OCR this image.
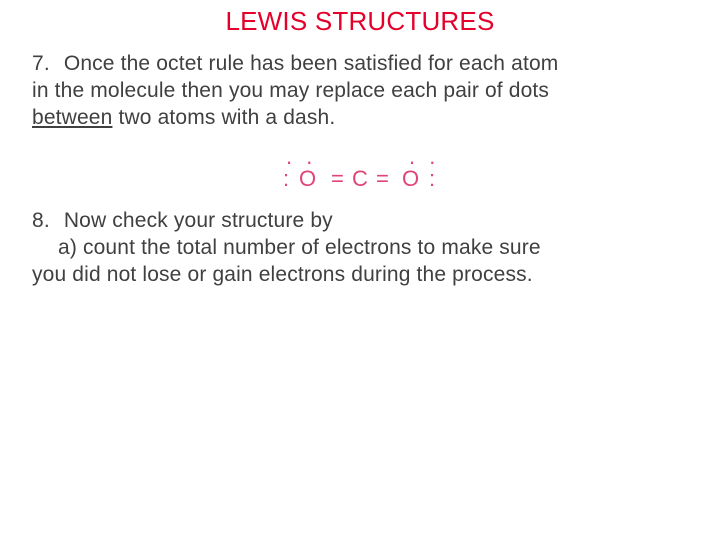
LEWIS STRUCTURES
7. Once the octet rule has been satisfied for each atom
in the molecule then you may replace each pair of dots
between two atoms with a dash.
. .
: O = C =
. .
O :
8. Now check your structure by
a) count the total number of electrons to make sure
you did not lose or gain electrons during the process.
